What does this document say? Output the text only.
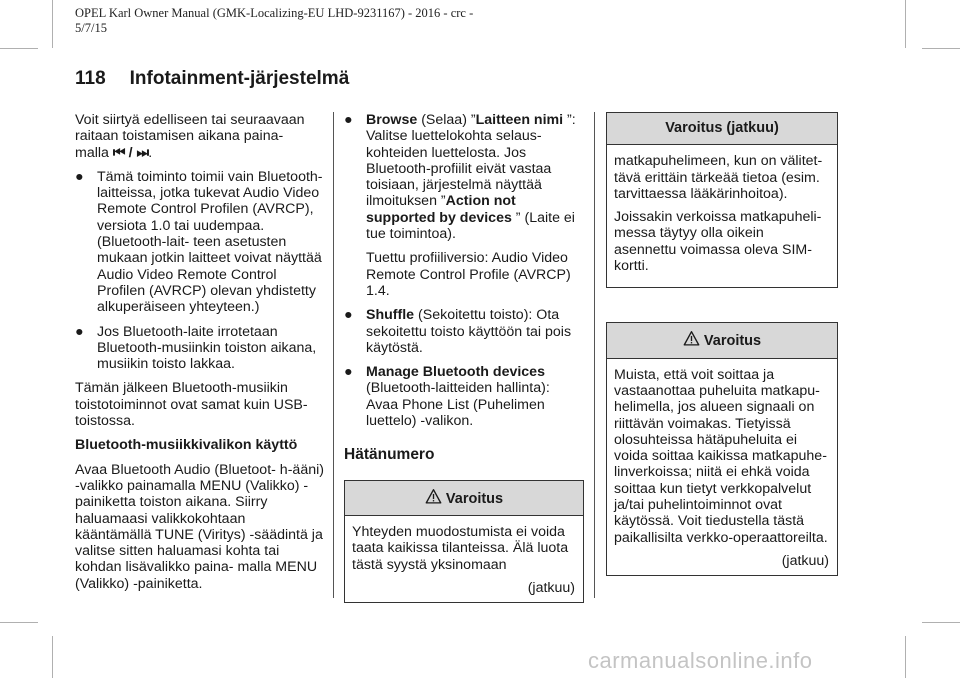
OPEL Karl Owner Manual (GMK-Localizing-EU LHD-9231167) - 2016 - crc -
5/7/15
118 Infotainment-järjestelmä

Voit siirtyä edelliseen tai seuraavaan
raitaan toistamisen aikana paina-
malla ⏮ / ⏭.

● Tämä toiminto toimii vain Bluetooth-laitteissa, jotka tukevat Audio Video Remote Control Profilen (AVRCP), versiota 1.0 tai uudempaa. (Bluetooth-lait- teen asetusten mukaan jotkin laitteet voivat näyttää Audio Video Remote Control Profilen (AVRCP) olevan yhdistetty alkuperäiseen yhteyteen.)
● Jos Bluetooth-laite irrotetaan Bluetooth-musiinkin toiston aikana, musiikin toisto lakkaa.

Tämän jälkeen Bluetooth-musiikin toistotoiminnot ovat samat kuin USB-toistossa.

Bluetooth-musiikkivalikon käyttö

Avaa Bluetooth Audio (Bluetoot- h-ääni) -valikko painamalla MENU (Valikko) -painiketta toiston aikana. Siirry haluamaasi valikkokohtaan kääntämällä TUNE (Viritys) -säädintä ja valitse sitten haluamasi kohta tai kohdan lisävalikko paina- malla MENU (Valikko) -painiketta.

● Browse (Selaa) ”Laitteen nimi ”: Valitse luettelokohta selaus- kohteiden luettelosta. Jos Bluetooth-profiilit eivät vastaa toisiaan, järjestelmä näyttää ilmoituksen ”Action not supported by devices ” (Laite ei tue toimintoa).

Tuettu profiiliversio: Audio Video Remote Control Profile (AVRCP) 1.4.

● Shuffle (Sekoitettu toisto): Ota sekoitettu toisto käyttöön tai pois käytöstä.
● Manage Bluetooth devices (Bluetooth-laitteiden hallinta): Avaa Phone List (Puhelimen luettelo) -valikon.
Hätänumero
Varoitus

Yhteyden muodostumista ei voida taata kaikissa tilanteissa. Älä luota tästä syystä yksinomaan

(jatkuu)
Varoitus (jatkuu)

matkapuhelimeen, kun on välitet- tävä erittäin tärkeää tietoa (esim. tarvittaessa lääkärinhoitoa).

Joissakin verkoissa matkapuheli- messa täytyy olla oikein asennettu voimassa oleva SIM-kortti.

Varoitus

Muista, että voit soittaa ja vastaanottaa puheluita matkapu- helimella, jos alueen signaali on riittävän voimakas. Tietyissä olosuhteissa hätäpuheluita ei voida soittaa kaikissa matkapuhe- linverkoissa; niitä ei ehkä voida soittaa kun tietyt verkkopalvelut ja/tai puhelintoiminnot ovat käytössä. Voit tiedustella tästä paikallisilta verkko-operaattoreilta.

(jatkuu)
carmanualsonline.info
